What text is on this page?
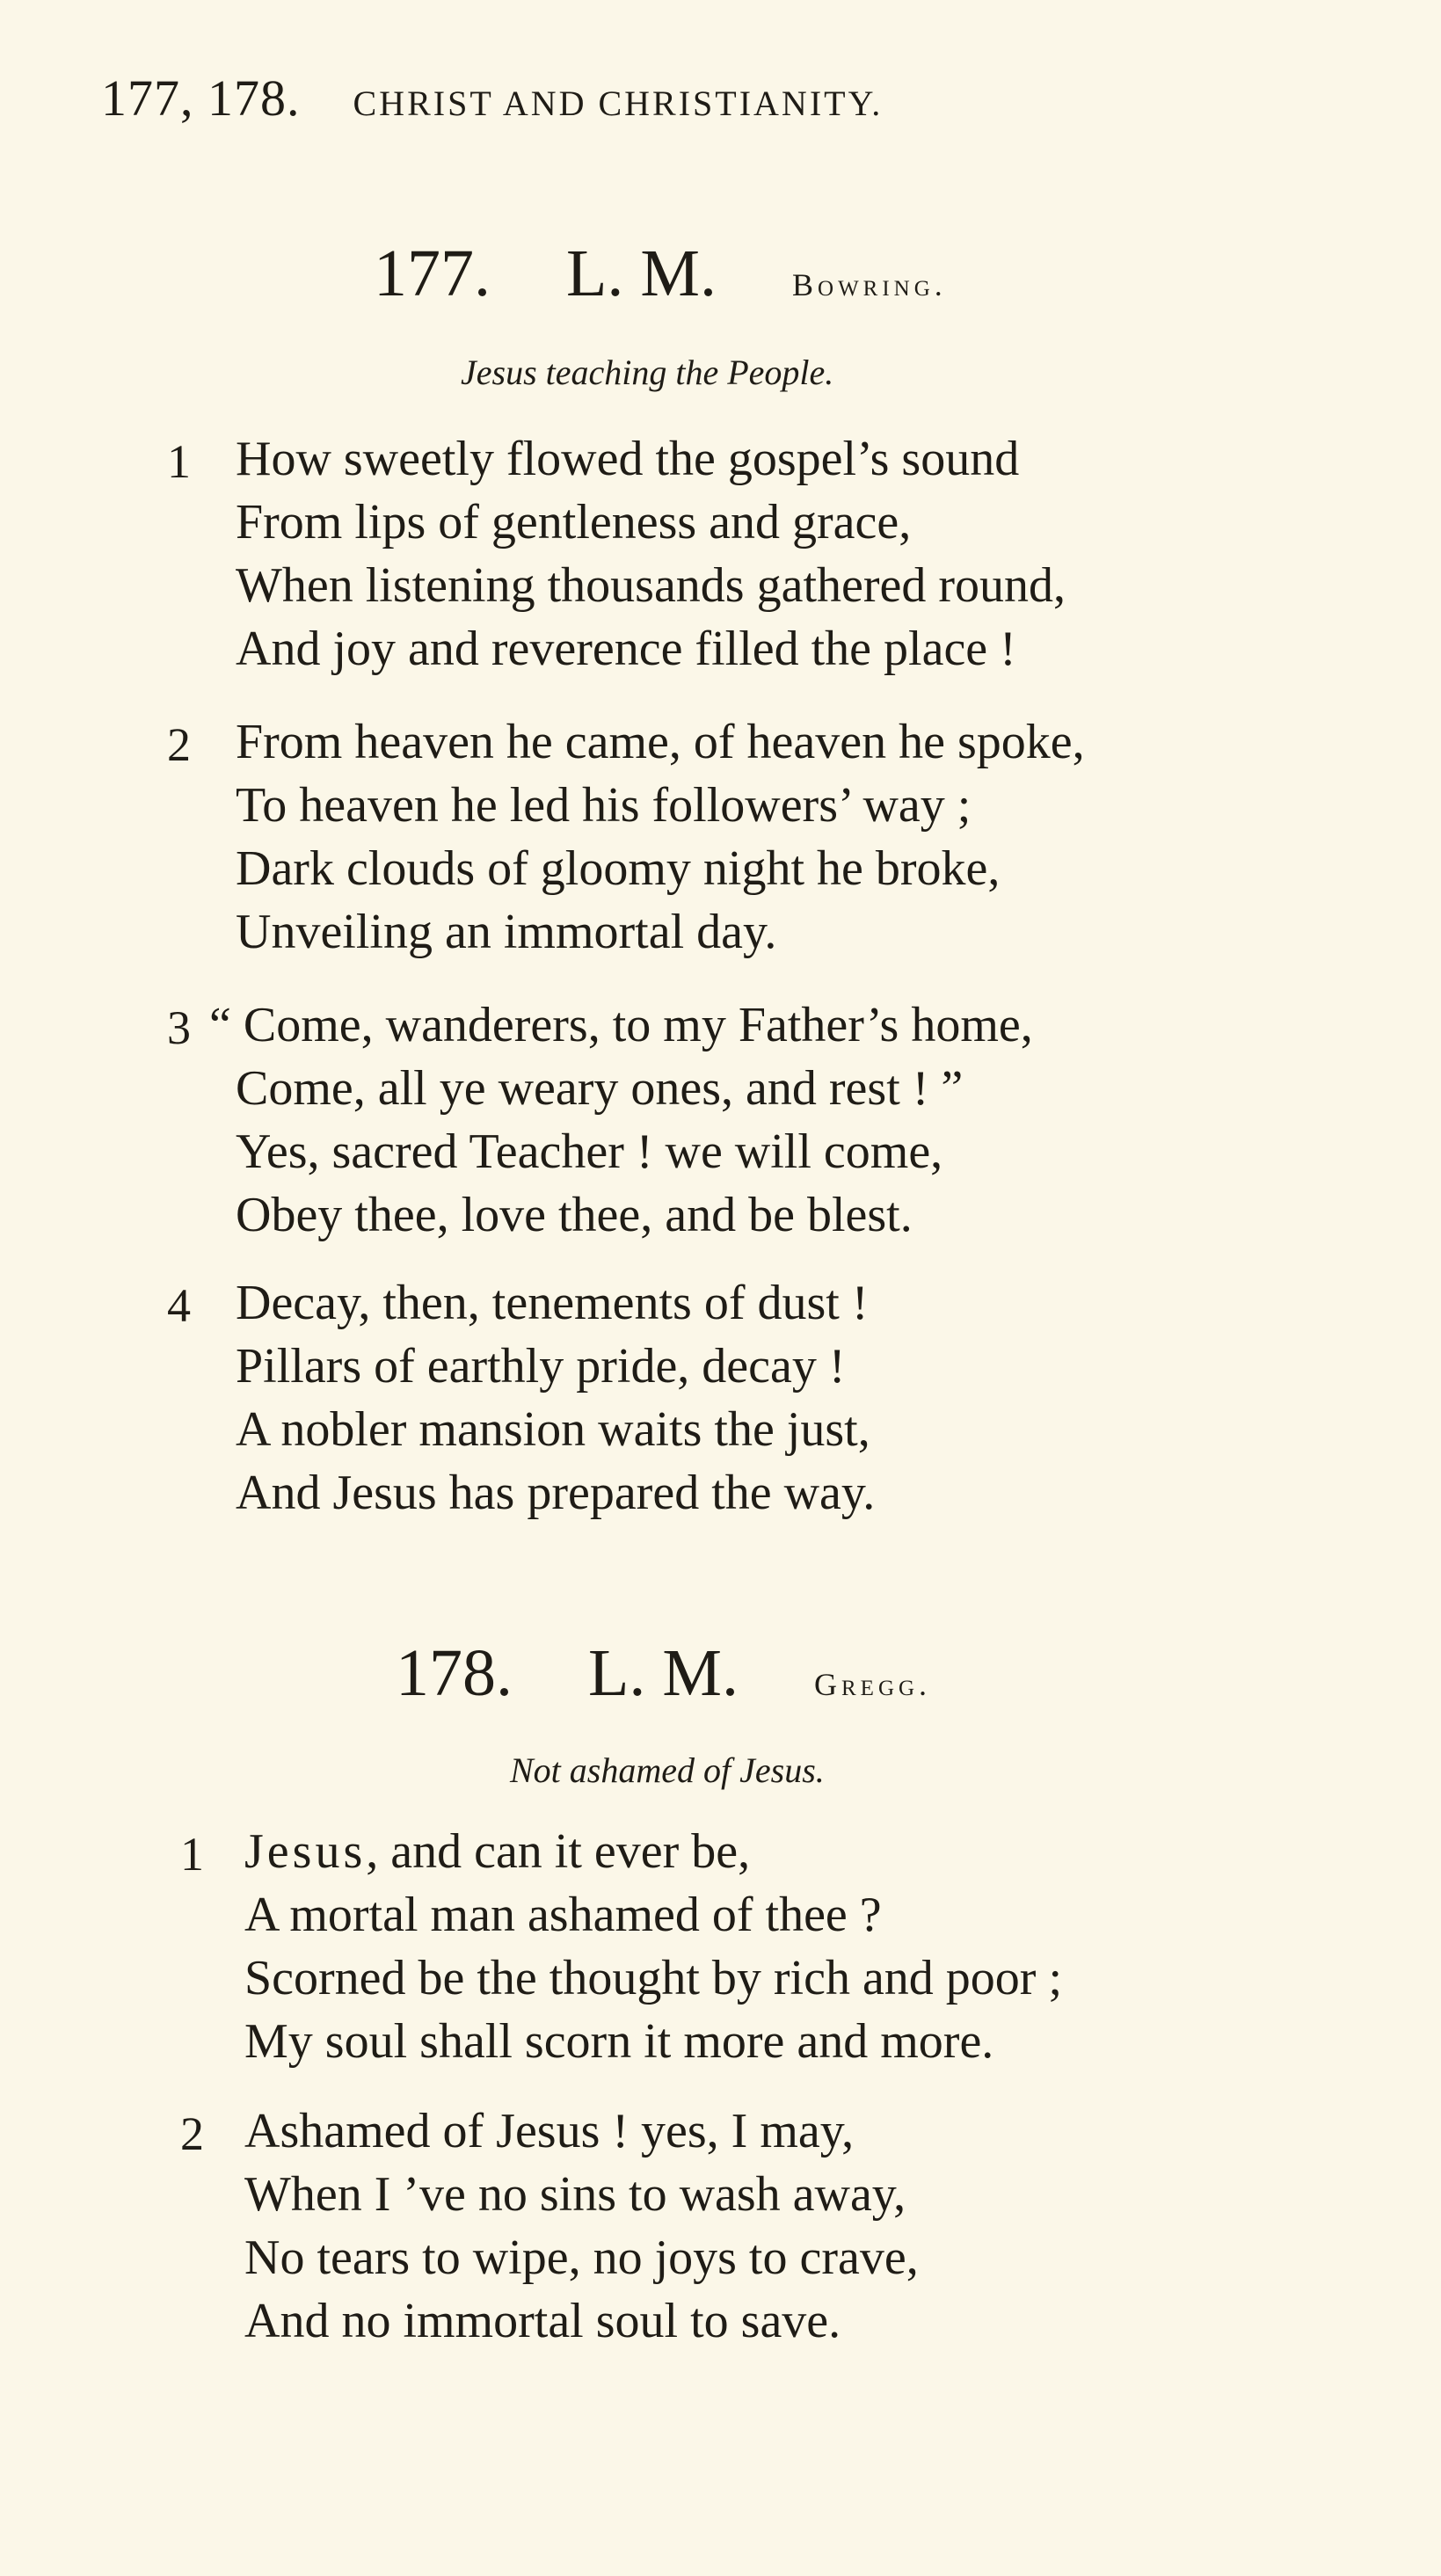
177, 178. CHRIST AND CHRISTIANITY.
177. L. M. Bowring.
Jesus teaching the People.
1 How sweetly flowed the gospel’s sound
From lips of gentleness and grace,
When listening thousands gathered round,
And joy and reverence filled the place !
2 From heaven he came, of heaven he spoke,
To heaven he led his followers’ way ;
Dark clouds of gloomy night he broke,
Unveiling an immortal day.
3 “ Come, wanderers, to my Father’s home,
Come, all ye weary ones, and rest ! ”
Yes, sacred Teacher ! we will come,
Obey thee, love thee, and be blest.
4 Decay, then, tenements of dust !
Pillars of earthly pride, decay !
A nobler mansion waits the just,
And Jesus has prepared the way.
178. L. M. Gregg.
Not ashamed of Jesus.
1 Jesus, and can it ever be,
A mortal man ashamed of thee ?
Scorned be the thought by rich and poor ;
My soul shall scorn it more and more.
2 Ashamed of Jesus ! yes, I may,
When I ’ve no sins to wash away,
No tears to wipe, no joys to crave,
And no immortal soul to save.
